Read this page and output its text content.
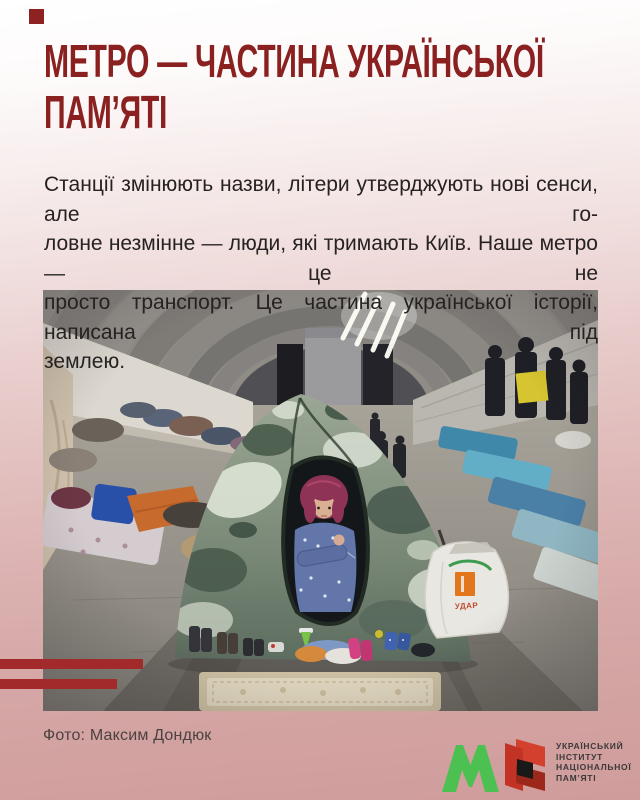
МЕТРО — ЧАСТИНА УКРАЇНСЬКОЇ
ПАМ’ЯТІ
Станції змінюють назви, літери утверджують нові сенси, але го-
ловне незмінне — люди, які тримають Київ. Наше метро — це не
просто транспорт. Це частина української історії, написана під
землею.
Фото: Максим Дондюк
УКРАЇНСЬКИЙ
ІНСТИТУТ
НАЦІОНАЛЬНОЇ
ПАМ’ЯТІ
